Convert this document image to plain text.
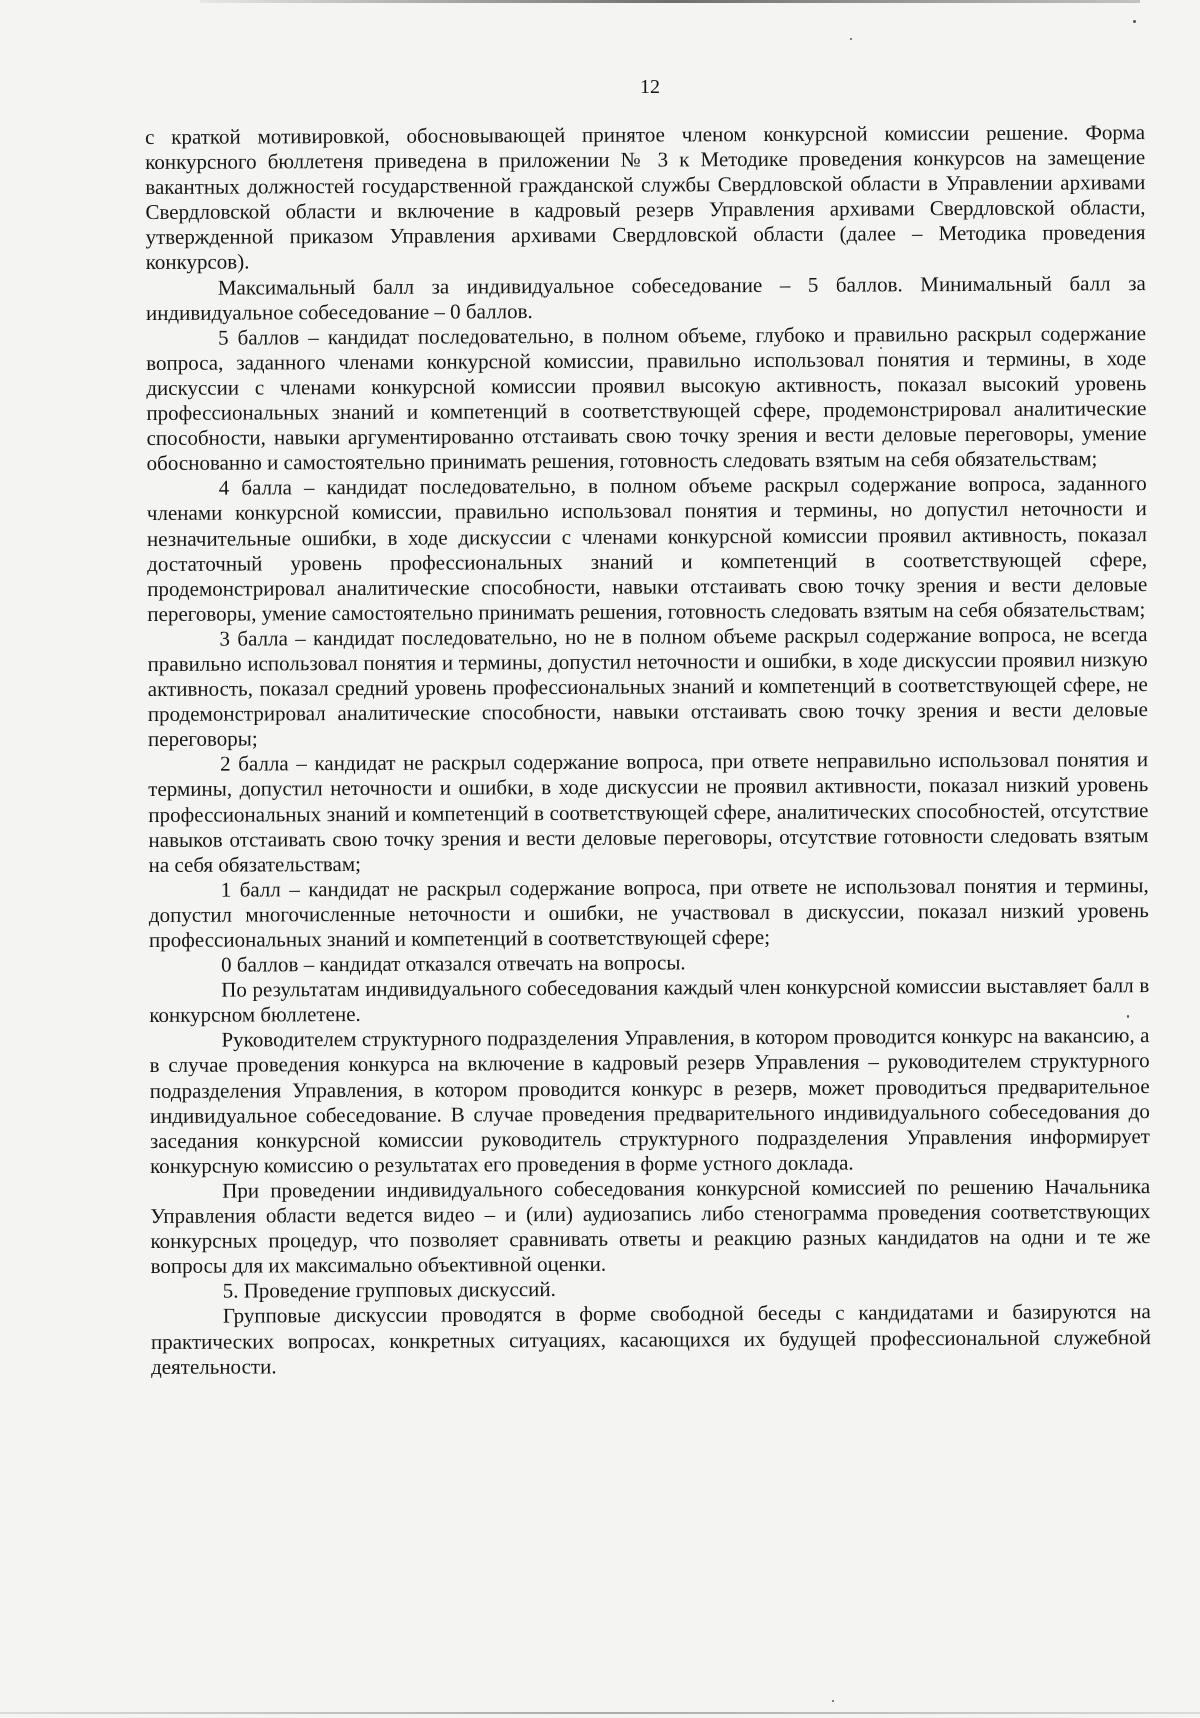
12

с краткой мотивировкой, обосновывающей принятое членом конкурсной комиссии решение. Форма конкурсного бюллетеня приведена в приложении № 3 к Методике проведения конкурсов на замещение вакантных должностей государственной гражданской службы Свердловской области в Управлении архивами Свердловской области и включение в кадровый резерв Управления архивами Свердловской области, утвержденной приказом Управления архивами Свердловской области (далее – Методика проведения конкурсов).

Максимальный балл за индивидуальное собеседование – 5 баллов. Минимальный балл за индивидуальное собеседование – 0 баллов.

5 баллов – кандидат последовательно, в полном объеме, глубоко и правильно раскрыл содержание вопроса, заданного членами конкурсной комиссии, правильно использовал понятия и термины, в ходе дискуссии с членами конкурсной комиссии проявил высокую активность, показал высокий уровень профессиональных знаний и компетенций в соответствующей сфере, продемонстрировал аналитические способности, навыки аргументированно отстаивать свою точку зрения и вести деловые переговоры, умение обоснованно и самостоятельно принимать решения, готовность следовать взятым на себя обязательствам;

4 балла – кандидат последовательно, в полном объеме раскрыл содержание вопроса, заданного членами конкурсной комиссии, правильно использовал понятия и термины, но допустил неточности и незначительные ошибки, в ходе дискуссии с членами конкурсной комиссии проявил активность, показал достаточный уровень профессиональных знаний и компетенций в соответствующей сфере, продемонстрировал аналитические способности, навыки отстаивать свою точку зрения и вести деловые переговоры, умение самостоятельно принимать решения, готовность следовать взятым на себя обязательствам;

3 балла – кандидат последовательно, но не в полном объеме раскрыл содержание вопроса, не всегда правильно использовал понятия и термины, допустил неточности и ошибки, в ходе дискуссии проявил низкую активность, показал средний уровень профессиональных знаний и компетенций в соответствующей сфере, не продемонстрировал аналитические способности, навыки отстаивать свою точку зрения и вести деловые переговоры;

2 балла – кандидат не раскрыл содержание вопроса, при ответе неправильно использовал понятия и термины, допустил неточности и ошибки, в ходе дискуссии не проявил активности, показал низкий уровень профессиональных знаний и компетенций в соответствующей сфере, аналитических способностей, отсутствие навыков отстаивать свою точку зрения и вести деловые переговоры, отсутствие готовности следовать взятым на себя обязательствам;

1 балл – кандидат не раскрыл содержание вопроса, при ответе не использовал понятия и термины, допустил многочисленные неточности и ошибки, не участвовал в дискуссии, показал низкий уровень профессиональных знаний и компетенций в соответствующей сфере;

0 баллов – кандидат отказался отвечать на вопросы.

По результатам индивидуального собеседования каждый член конкурсной комиссии выставляет балл в конкурсном бюллетене.

Руководителем структурного подразделения Управления, в котором проводится конкурс на вакансию, а в случае проведения конкурса на включение в кадровый резерв Управления – руководителем структурного подразделения Управления, в котором проводится конкурс в резерв, может проводиться предварительное индивидуальное собеседование. В случае проведения предварительного индивидуального собеседования до заседания конкурсной комиссии руководитель структурного подразделения Управления информирует конкурсную комиссию о результатах его проведения в форме устного доклада.

При проведении индивидуального собеседования конкурсной комиссией по решению Начальника Управления области ведется видео – и (или) аудиозапись либо стенограмма проведения соответствующих конкурсных процедур, что позволяет сравнивать ответы и реакцию разных кандидатов на одни и те же вопросы для их максимально объективной оценки.

5. Проведение групповых дискуссий.

Групповые дискуссии проводятся в форме свободной беседы с кандидатами и базируются на практических вопросах, конкретных ситуациях, касающихся их будущей профессиональной служебной деятельности.
